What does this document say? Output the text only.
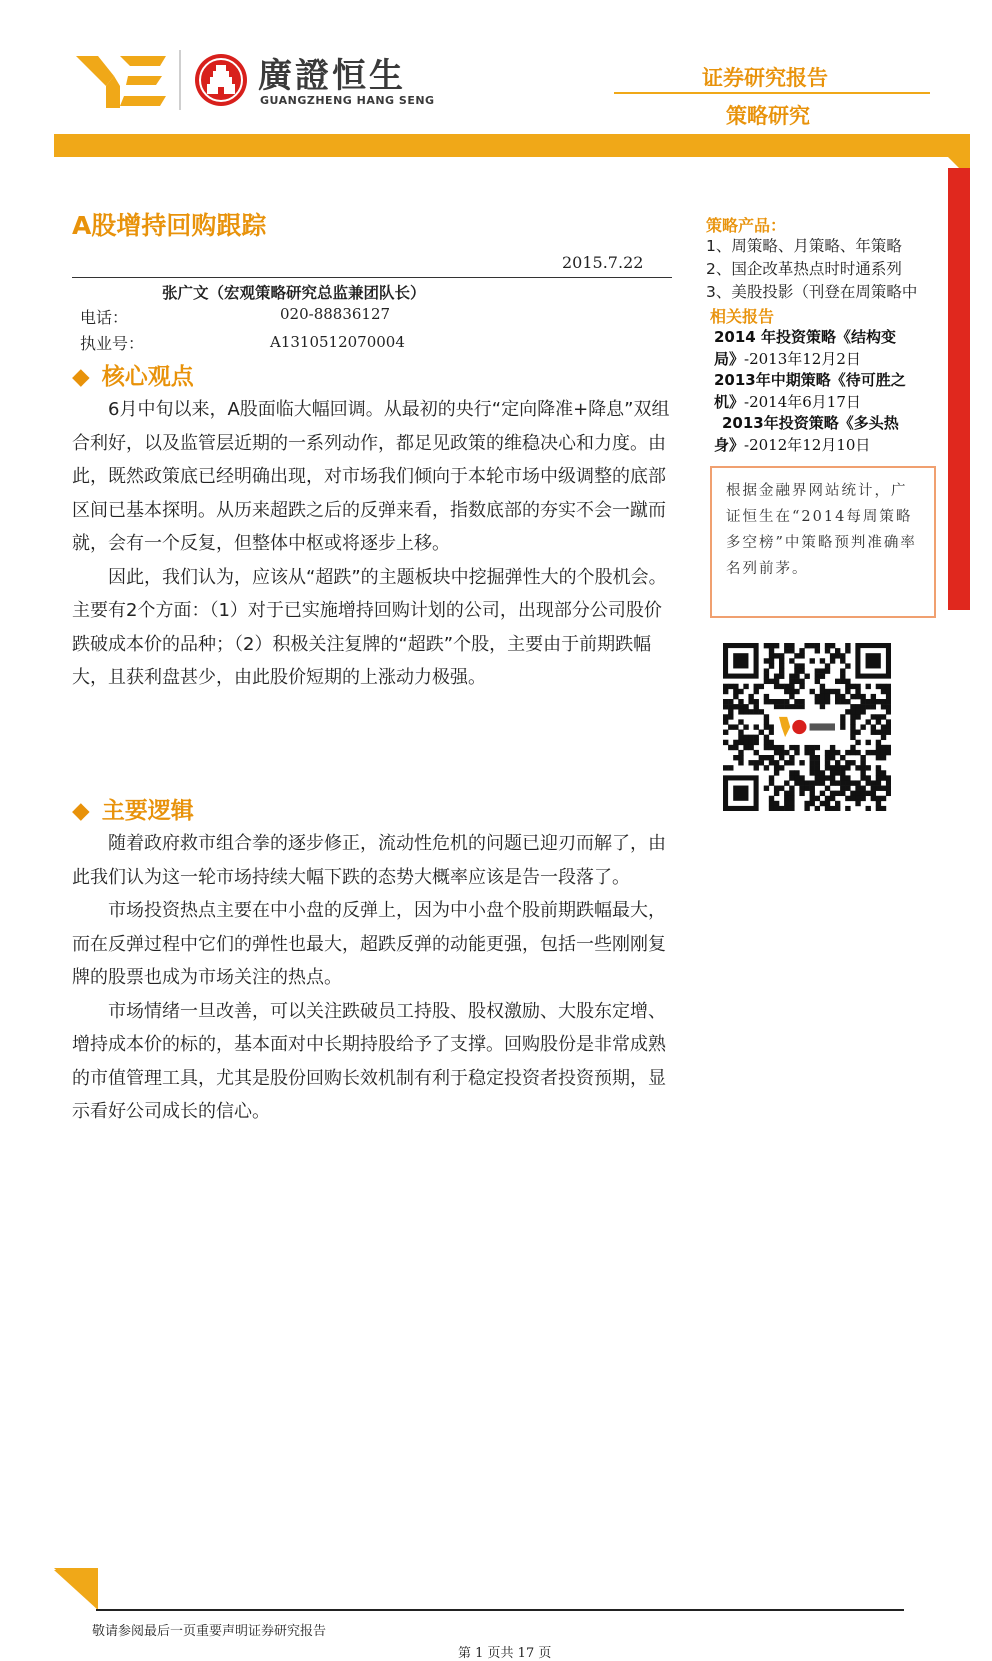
廣證恒生
GUANGZHENG HANG SENG
证券研究报告
策略研究
A股增持回购跟踪
2015.7.22
张广文（宏观策略研究总监兼团队长）
电话：	020-88836127
执业号：	A1310512070004
◆ 核心观点

6月中旬以来，A股面临大幅回调。从最初的央行“定向降准+降息”双组合利好，以及监管层近期的一系列动作，都足见政策的维稳决心和力度。由此，既然政策底已经明确出现，对市场我们倾向于本轮市场中级调整的底部区间已基本探明。从历来超跌之后的反弹来看，指数底部的夯实不会一蹴而就，会有一个反复，但整体中枢或将逐步上移。

因此，我们认为，应该从“超跌”的主题板块中挖掘弹性大的个股机会。主要有2个方面：（1）对于已实施增持回购计划的公司，出现部分公司股价跌破成本价的品种；（2）积极关注复牌的“超跌”个股，主要由于前期跌幅大，且获利盘甚少，由此股价短期的上涨动力极强。

◆ 主要逻辑

随着政府救市组合拳的逐步修正，流动性危机的问题已迎刃而解了，由此我们认为这一轮市场持续大幅下跌的态势大概率应该是告一段落了。

市场投资热点主要在中小盘的反弹上，因为中小盘个股前期跌幅最大，而在反弹过程中它们的弹性也最大，超跌反弹的动能更强，包括一些刚刚复牌的股票也成为市场关注的热点。

市场情绪一旦改善，可以关注跌破员工持股、股权激励、大股东定增、增持成本价的标的，基本面对中长期持股给予了支撑。回购股份是非常成熟的市值管理工具，尤其是股份回购长效机制有利于稳定投资者投资预期，显示看好公司成长的信心。

策略产品：
1、周策略、月策略、年策略
2、国企改革热点时时通系列
3、美股投影（刊登在周策略中
相关报告
2014 年投资策略《结构变
局》-2013年12月2日
2013年中期策略《待可胜之
机》-2014年6月17日
2013年投资策略《多头热
身》-2012年12月10日
根据金融界网站统计，广证恒生在“2014每周策略多空榜”中策略预判准确率名列前茅。
敬请参阅最后一页重要声明证券研究报告
第 1 页共 17 页
